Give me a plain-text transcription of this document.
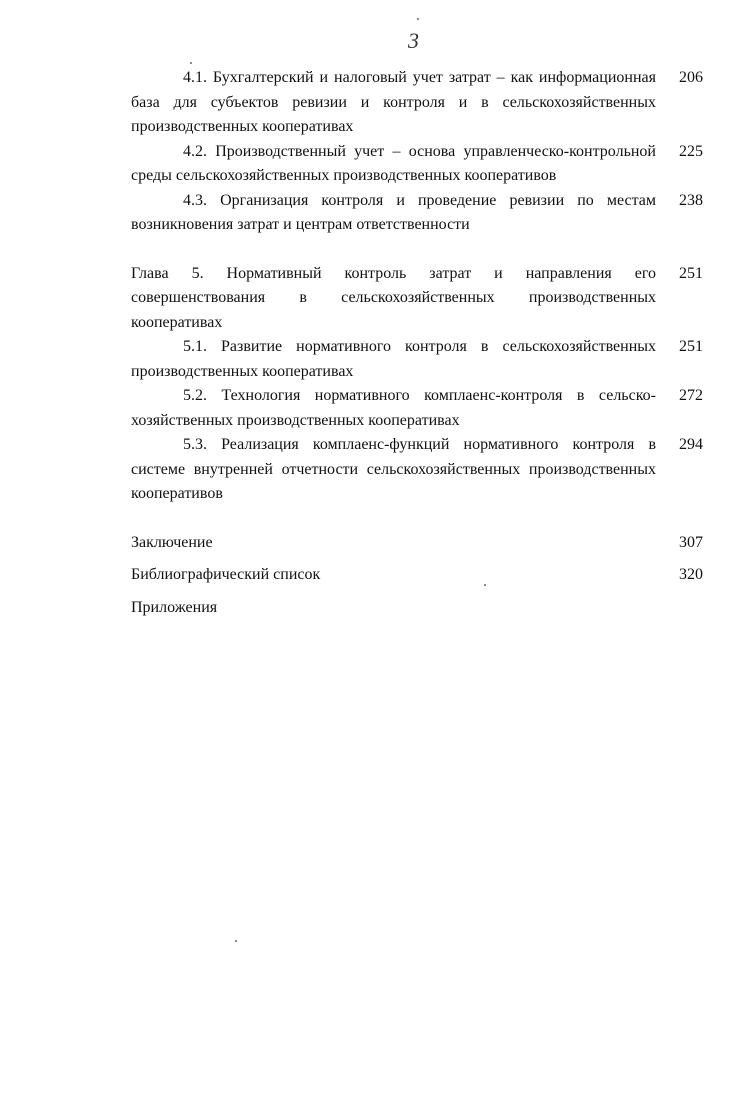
3
4.1. Бухгалтерский и налоговый учет затрат – как информационная база для субъектов ревизии и контроля и в сельскохозяйственных производственных кооперативах
206
4.2. Производственный учет – основа управленческо-контрольной среды сельскохозяйственных производственных кооперативов
225
4.3. Организация контроля и проведение ревизии по местам возникновения затрат и центрам ответственности
238
Глава 5. Нормативный контроль затрат и направления его совершенствования в сельскохозяйственных производственных кооперативах
251
5.1. Развитие нормативного контроля в сельскохозяйственных производственных кооперативах
251
5.2. Технология нормативного комплаенс-контроля в сельско-хозяйственных производственных кооперативах
272
5.3. Реализация комплаенс-функций нормативного контроля в системе внутренней отчетности сельскохозяйственных производственных кооперативов
294
Заключение	307
Библиографический список	320
Приложения
